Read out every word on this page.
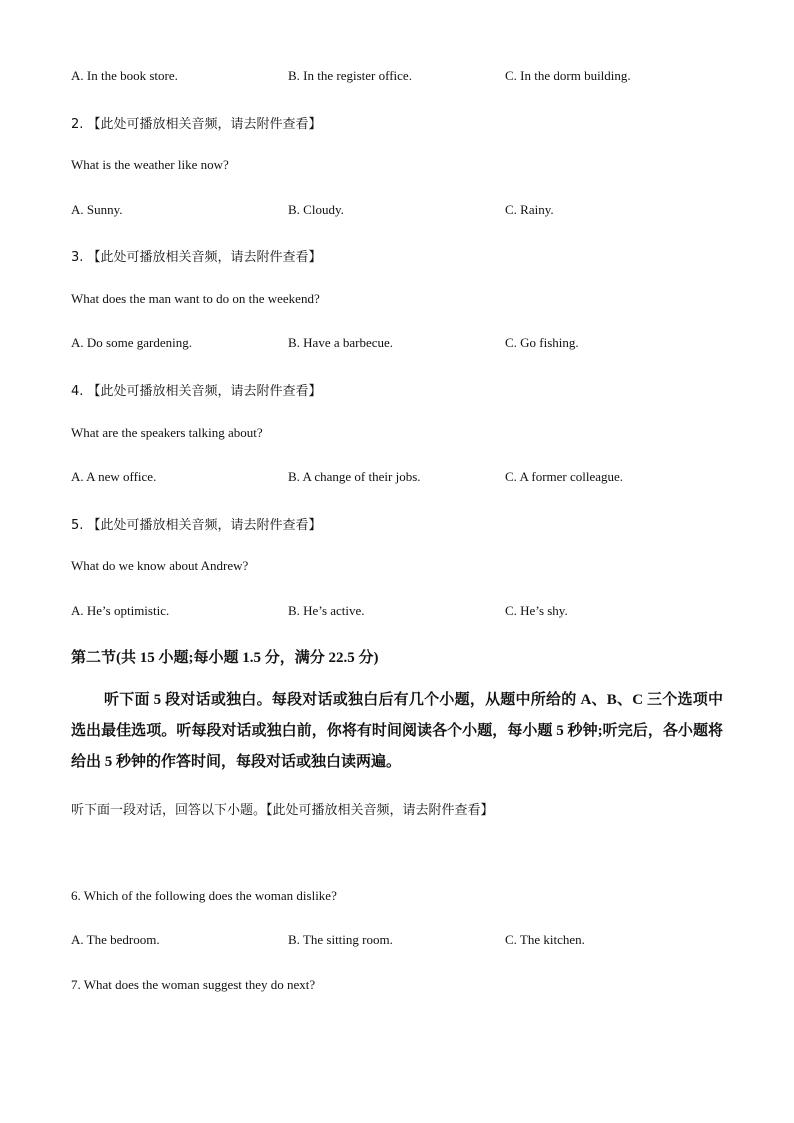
A. In the book store.	B. In the register office.	C. In the dorm building.
2. 【此处可播放相关音频，请去附件查看】
What is the weather like now?
A. Sunny.	B. Cloudy.	C. Rainy.
3. 【此处可播放相关音频，请去附件查看】
What does the man want to do on the weekend?
A. Do some gardening.	B. Have a barbecue.	C. Go fishing.
4. 【此处可播放相关音频，请去附件查看】
What are the speakers talking about?
A. A new office.	B. A change of their jobs.	C. A former colleague.
5. 【此处可播放相关音频，请去附件查看】
What do we know about Andrew?
A. He’s optimistic.	B. He’s active.	C. He’s shy.
第二节(共 15 小题;每小题 1.5 分，满分 22.5 分)
听下面 5 段对话或独白。每段对话或独白后有几个小题，从题中所给的 A、B、C 三个选项中选出最佳选项。听每段对话或独白前，你将有时间阅读各个小题，每小题 5 秒钟;听完后，各小题将给出 5 秒钟的作答时间，每段对话或独白读两遍。
听下面一段对话，回答以下小题。【此处可播放相关音频，请去附件查看】
6. Which of the following does the woman dislike?
A. The bedroom.	B. The sitting room.	C. The kitchen.
7. What does the woman suggest they do next?
